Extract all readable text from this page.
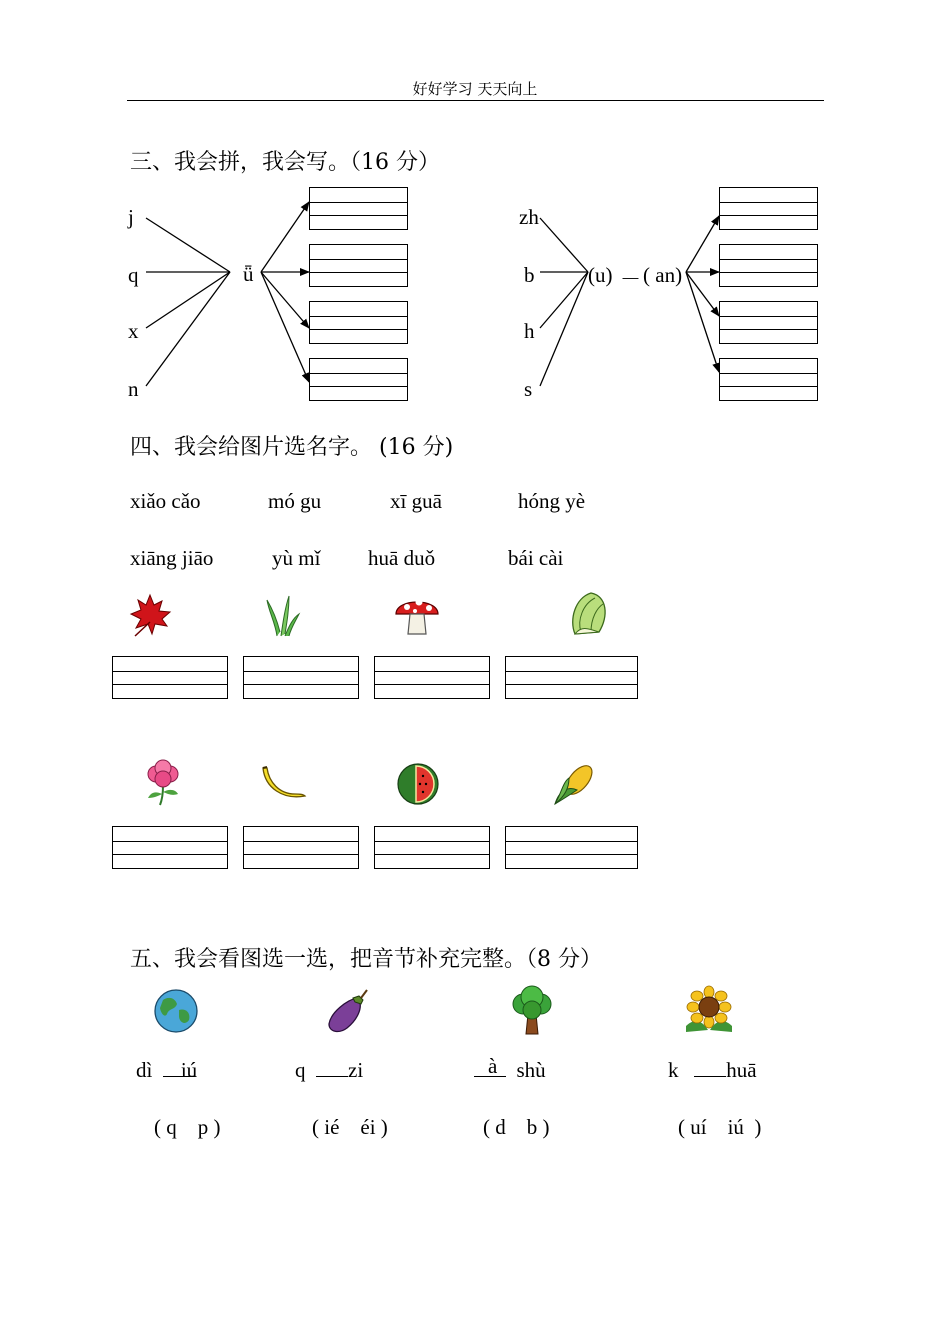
好好学习 天天向上
三、我会拼，我会写。（16 分）
j
q
x
n
ǖ
zh
b
h
s
(u) － ( an)
四、我会给图片选名字。 (16 分)
xiǎo cǎo	mó gu	xī guā	hóng yè
xiāng jiāo	yù mǐ huā duǒ	bái cài
五、我会看图选一选，把音节补充完整。（8 分）
dì iú	q zi	à shù	k huā
( q    p )	( ié    éi )	( d    b )	( uí    iú  )
